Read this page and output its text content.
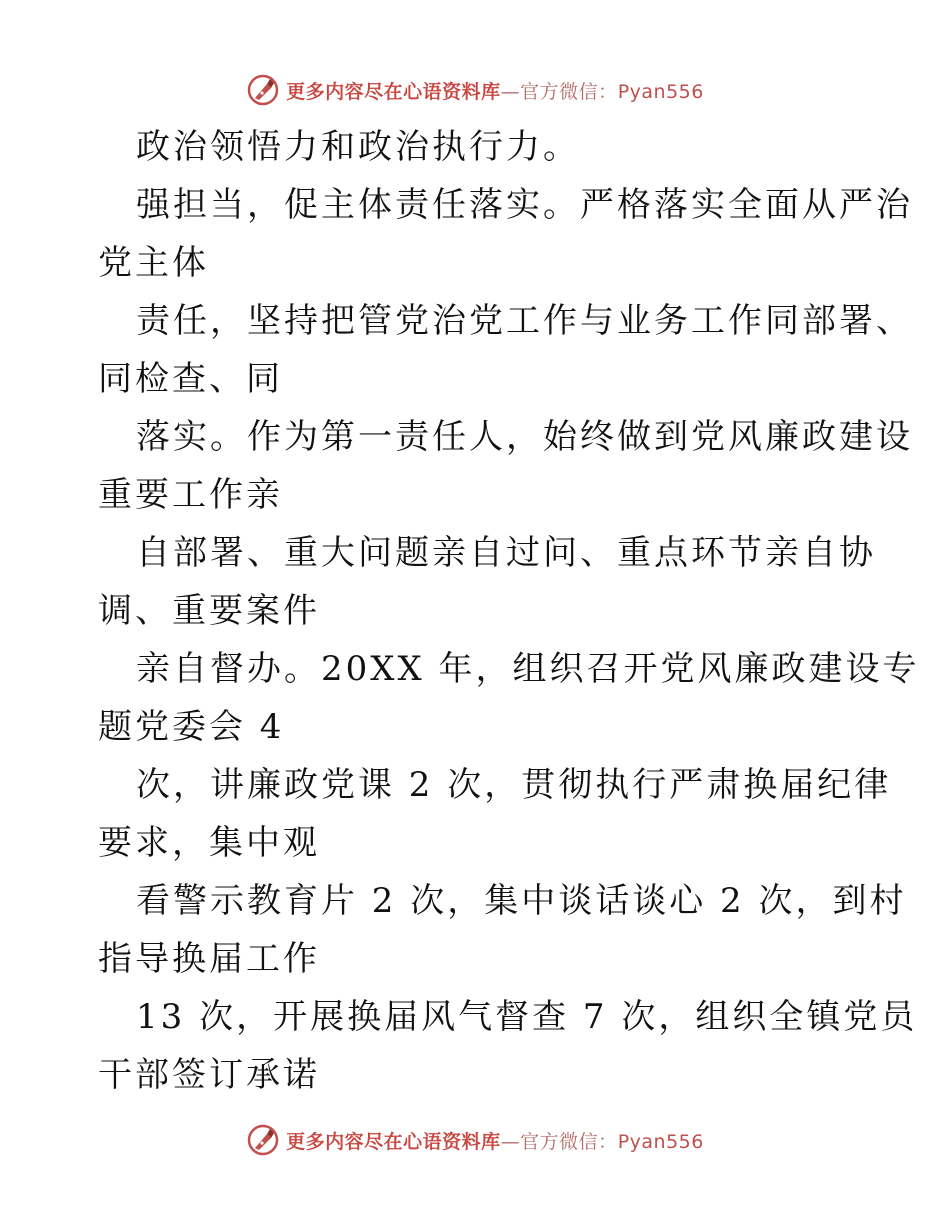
更多内容尽在心语资料库—官方微信：Pyan556
政治领悟力和政治执行力。
强担当，促主体责任落实。严格落实全面从严治
党主体
责任，坚持把管党治党工作与业务工作同部署、
同检查、同
落实。作为第一责任人，始终做到党风廉政建设
重要工作亲
自部署、重大问题亲自过问、重点环节亲自协
调、重要案件
亲自督办。20XX 年，组织召开党风廉政建设专
题党委会 4
次，讲廉政党课 2 次，贯彻执行严肃换届纪律
要求，集中观
看警示教育片 2 次，集中谈话谈心 2 次，到村
指导换届工作
13 次，开展换届风气督查 7 次，组织全镇党员
干部签订承诺
更多内容尽在心语资料库—官方微信：Pyan556
